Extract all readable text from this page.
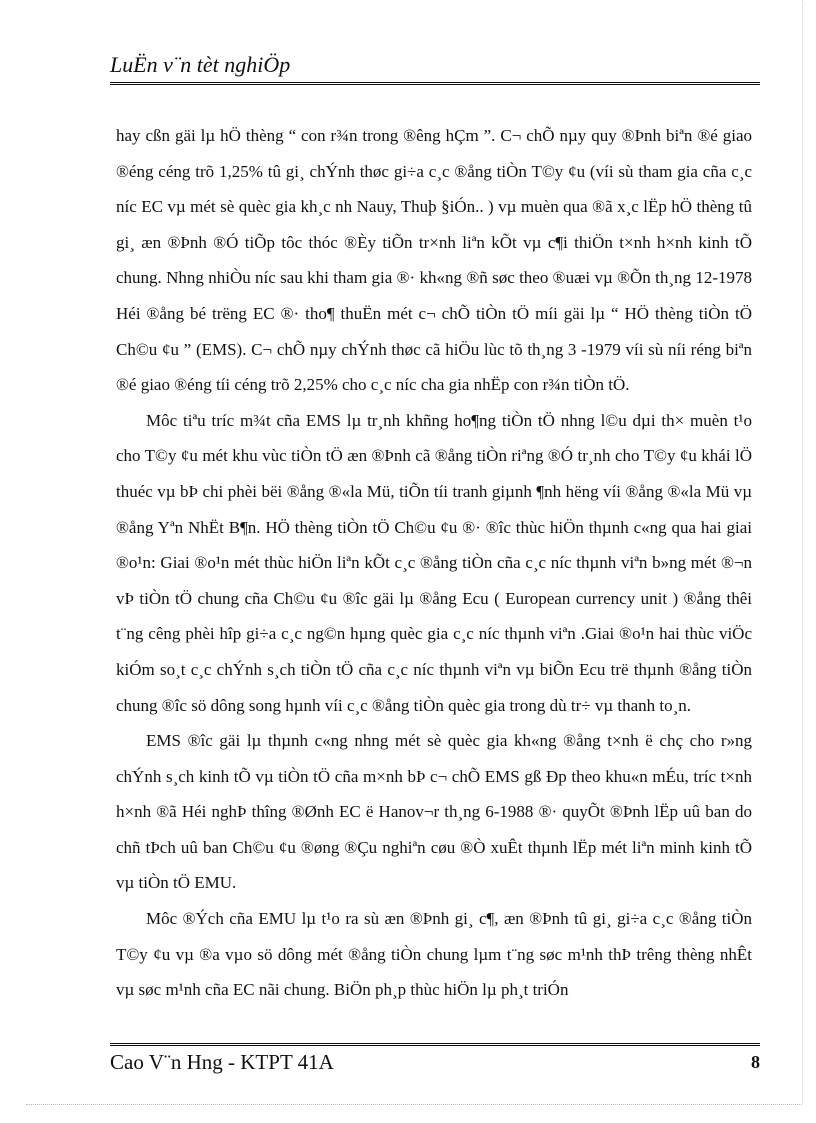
LuËn v¨n tèt nghiÖp

hay cßn gäi lµ hÖ thèng “ con r¾n trong ®êng hÇm ”. C¬ chÕ nµy quy ®Þnh biªn ®é giao ®éng céng trõ 1,25% tû gi¸ chÝnh thøc gi÷a c¸c ®ång tiÒn T©y ¢u (víi sù tham gia cña c¸c níc EC vµ mét sè quèc gia kh¸c nh Nauy, Thuþ §iÓn.. ) vµ muèn qua ®ã x¸c lËp hÖ thèng tû gi¸ æn ®Þnh ®Ó tiÕp tôc thóc ®Èy tiÕn tr×nh liªn kÕt vµ c¶i thiÖn t×nh h×nh kinh tÕ chung. Nhng nhiÒu níc sau khi tham gia ®· kh«ng ®ñ søc theo ®uæi vµ ®Õn th¸ng 12-1978 Héi ®ång bé trëng EC ®· tho¶ thuËn mét c¬ chÕ tiÒn tÖ míi gäi lµ “ HÖ thèng tiÒn tÖ Ch©u ¢u ” (EMS). C¬ chÕ nµy chÝnh thøc cã hiÖu lùc tõ th¸ng 3 -1979 víi sù níi réng biªn ®é giao ®éng tíi céng trõ 2,25% cho c¸c níc cha gia nhËp con r¾n tiÒn tÖ.

Môc tiªu tríc m¾t cña EMS lµ tr¸nh khñng ho¶ng tiÒn tÖ nhng l©u dµi th× muèn t¹o cho T©y ¢u mét khu vùc tiÒn tÖ æn ®Þnh cã ®ång tiÒn riªng ®Ó tr¸nh cho T©y ¢u khái lÖ thuéc vµ bÞ chi phèi bëi ®ång ®«la Mü, tiÕn tíi tranh giµnh ¶nh hëng víi ®ång ®«la Mü vµ ®ång Yªn NhËt B¶n. HÖ thèng tiÒn tÖ Ch©u ¢u ®· ®îc thùc hiÖn thµnh c«ng qua hai giai ®o¹n: Giai ®o¹n mét thùc hiÖn liªn kÕt c¸c ®ång tiÒn cña c¸c níc thµnh viªn b»ng mét ®¬n vÞ tiÒn tÖ chung cña Ch©u ¢u ®îc gäi lµ ®ång Ecu ( European currency unit ) ®ång thêi t¨ng cêng phèi hîp gi÷a c¸c ng©n hµng quèc gia c¸c níc thµnh viªn .Giai ®o¹n hai thùc viÖc kiÓm so¸t c¸c chÝnh s¸ch tiÒn tÖ cña c¸c níc thµnh viªn vµ biÕn Ecu trë thµnh ®ång tiÒn chung ®îc sö dông song hµnh víi c¸c ®ång tiÒn quèc gia trong dù tr÷ vµ thanh to¸n.

EMS ®îc gäi lµ thµnh c«ng nhng mét sè quèc gia kh«ng ®ång t×nh ë chç cho r»ng chÝnh s¸ch kinh tÕ vµ tiÒn tÖ cña m×nh bÞ c¬ chÕ EMS gß Ðp theo khu«n mÉu, tríc t×nh h×nh ®ã Héi nghÞ thîng ®Ønh EC ë Hanov¬r th¸ng 6-1988 ®· quyÕt ®Þnh lËp uû ban do chñ tÞch uû ban Ch©u ¢u ®øng ®Çu nghiªn cøu ®Ò xuÊt thµnh lËp mét liªn minh kinh tÕ vµ tiÒn tÖ EMU.

Môc ®Ých cña EMU lµ t¹o ra sù æn ®Þnh gi¸ c¶, æn ®Þnh tû gi¸ gi÷a c¸c ®ång tiÒn T©y ¢u vµ ®a vµo sö dông mét ®ång tiÒn chung lµm t¨ng søc m¹nh thÞ trêng thèng nhÊt vµ søc m¹nh cña EC nãi chung. BiÖn ph¸p thùc hiÖn lµ ph¸t triÓn

Cao V¨n Hng - KTPT 41A	8
